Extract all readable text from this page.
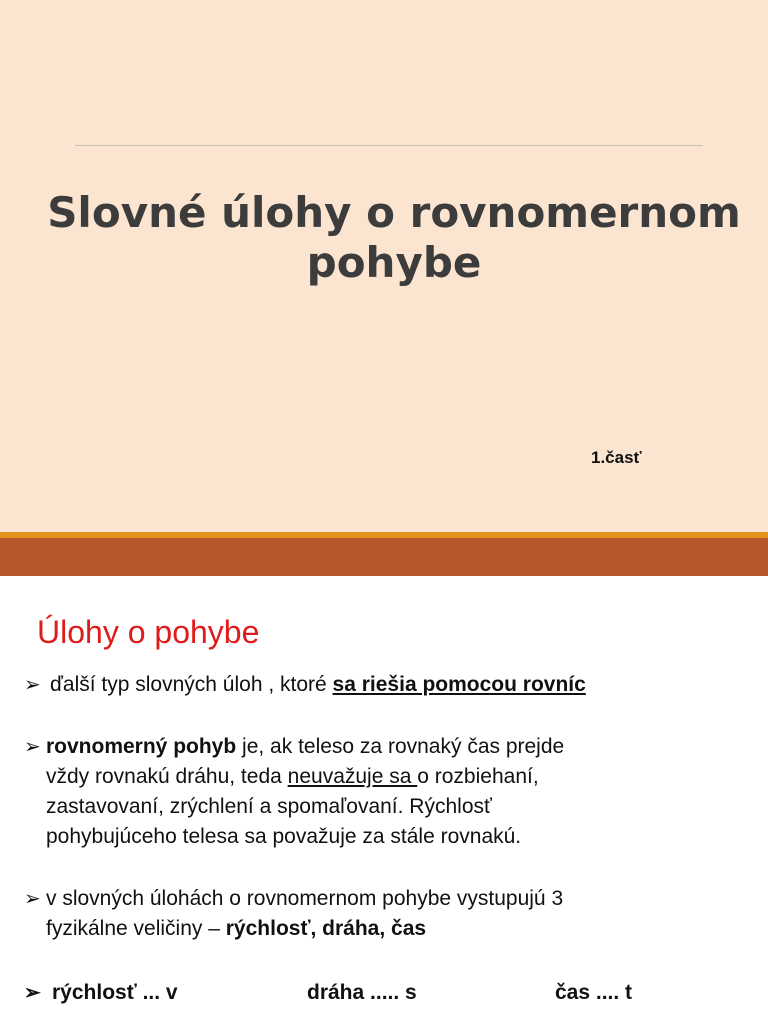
Slovné úlohy o rovnomernom
pohybe
1.časť
Úlohy o pohybe
➢ ďalší typ slovných úloh , ktoré sa riešia pomocou rovníc
➢ rovnomerný pohyb je, ak teleso za rovnaký čas prejde
vždy rovnakú dráhu, teda neuvažuje sa o rozbiehaní,
zastavovaní, zrýchlení a spomaľovaní. Rýchlosť
pohybujúceho telesa sa považuje za stále rovnakú.
➢ v slovných úlohách o rovnomernom pohybe vystupujú 3
fyzikálne veličiny – rýchlosť, dráha, čas
➢ rýchlosť ... v	dráha ..... s	čas .... t
